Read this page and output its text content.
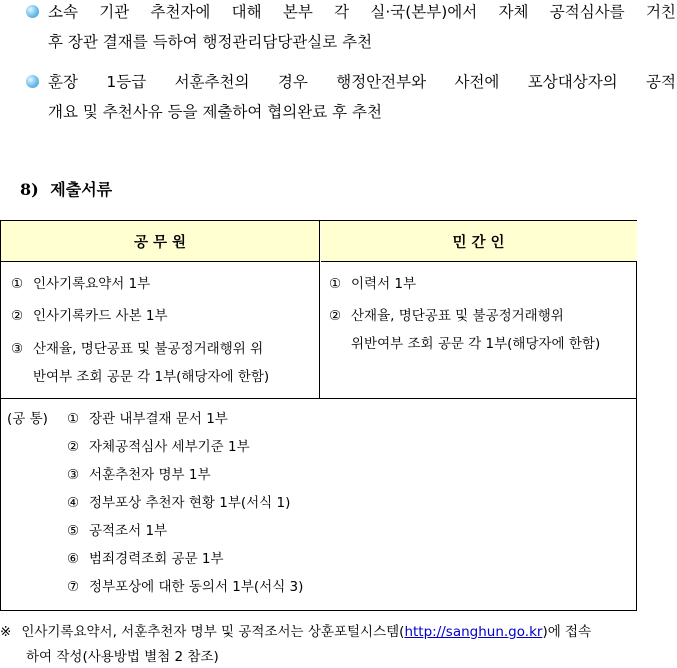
소속 기관 추천자에 대해 본부 각 실·국(본부)에서 자체 공적심사를 거친
후 장관 결재를 득하여 행정관리담당관실로 추천
훈장 1등급 서훈추천의 경우 행정안전부와 사전에 포상대상자의 공적
개요 및 추천사유 등을 제출하여 협의완료 후 추천
8) 제출서류
공 무 원	민 간 인
① 인사기록요약서 1부
② 인사기록카드 사본 1부
③ 산재율, 명단공표 및 불공정거래행위 위
반여부 조회 공문 각 1부(해당자에 한함)
① 이력서 1부
② 산재율, 명단공표 및 불공정거래행위
위반여부 조회 공문 각 1부(해당자에 한함)
(공 통) ① 장관 내부결재 문서 1부
② 자체공적심사 세부기준 1부
③ 서훈추천자 명부 1부
④ 정부포상 추천자 현황 1부(서식 1)
⑤ 공적조서 1부
⑥ 범죄경력조회 공문 1부
⑦ 정부포상에 대한 동의서 1부(서식 3)
※ 인사기록요약서, 서훈추천자 명부 및 공적조서는 상훈포털시스템(http://sanghun.go.kr)에 접속
하여 작성(사용방법 별첨 2 참조)
